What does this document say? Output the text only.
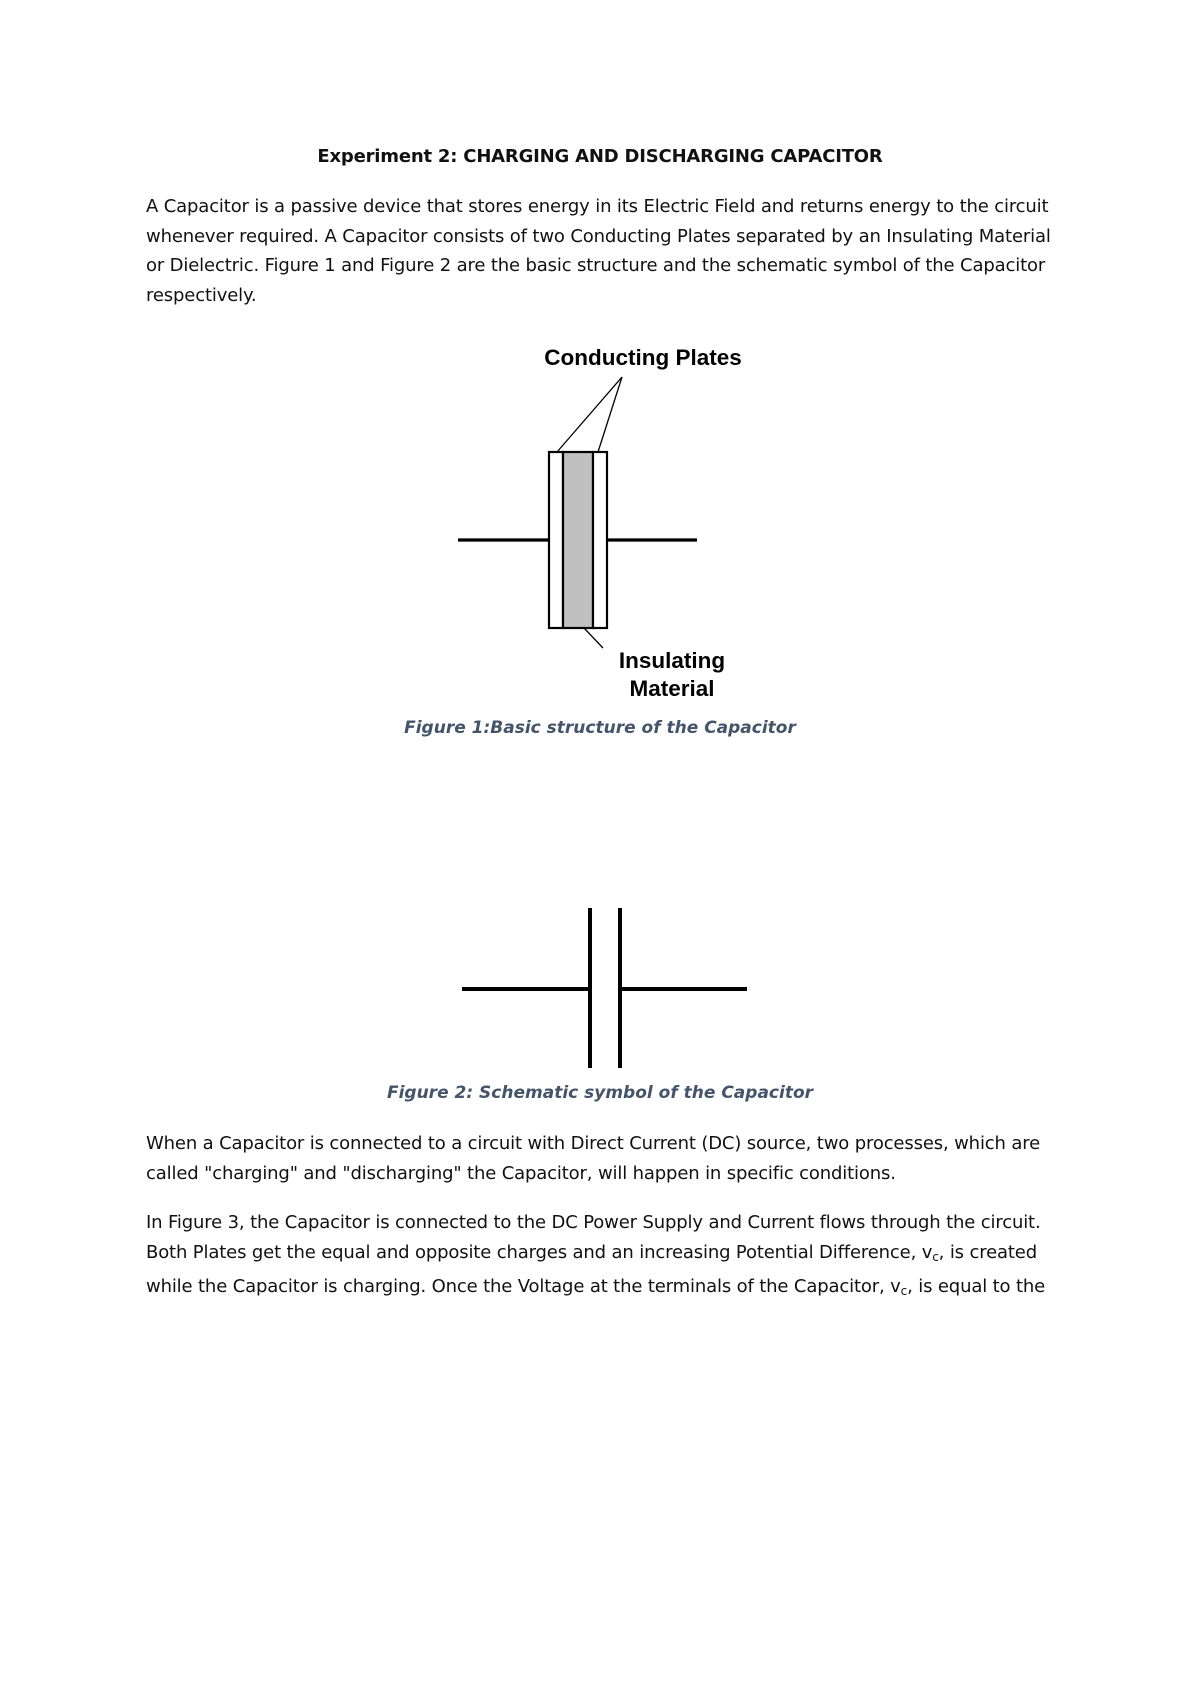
Experiment 2: CHARGING AND DISCHARGING CAPACITOR

A Capacitor is a passive device that stores energy in its Electric Field and returns energy to the circuit whenever required. A Capacitor consists of two Conducting Plates separated by an Insulating Material or Dielectric. Figure 1 and Figure 2 are the basic structure and the schematic symbol of the Capacitor respectively.

Conducting Plates
Insulating
Material
Figure 1:Basic structure of the Capacitor
Figure 2: Schematic symbol of the Capacitor

When a Capacitor is connected to a circuit with Direct Current (DC) source, two processes, which are called "charging" and "discharging" the Capacitor, will happen in specific conditions.

In Figure 3, the Capacitor is connected to the DC Power Supply and Current flows through the circuit. Both Plates get the equal and opposite charges and an increasing Potential Difference, $v_c$, is created while the Capacitor is charging. Once the Voltage at the terminals of the Capacitor, $v_c$, is equal to the
